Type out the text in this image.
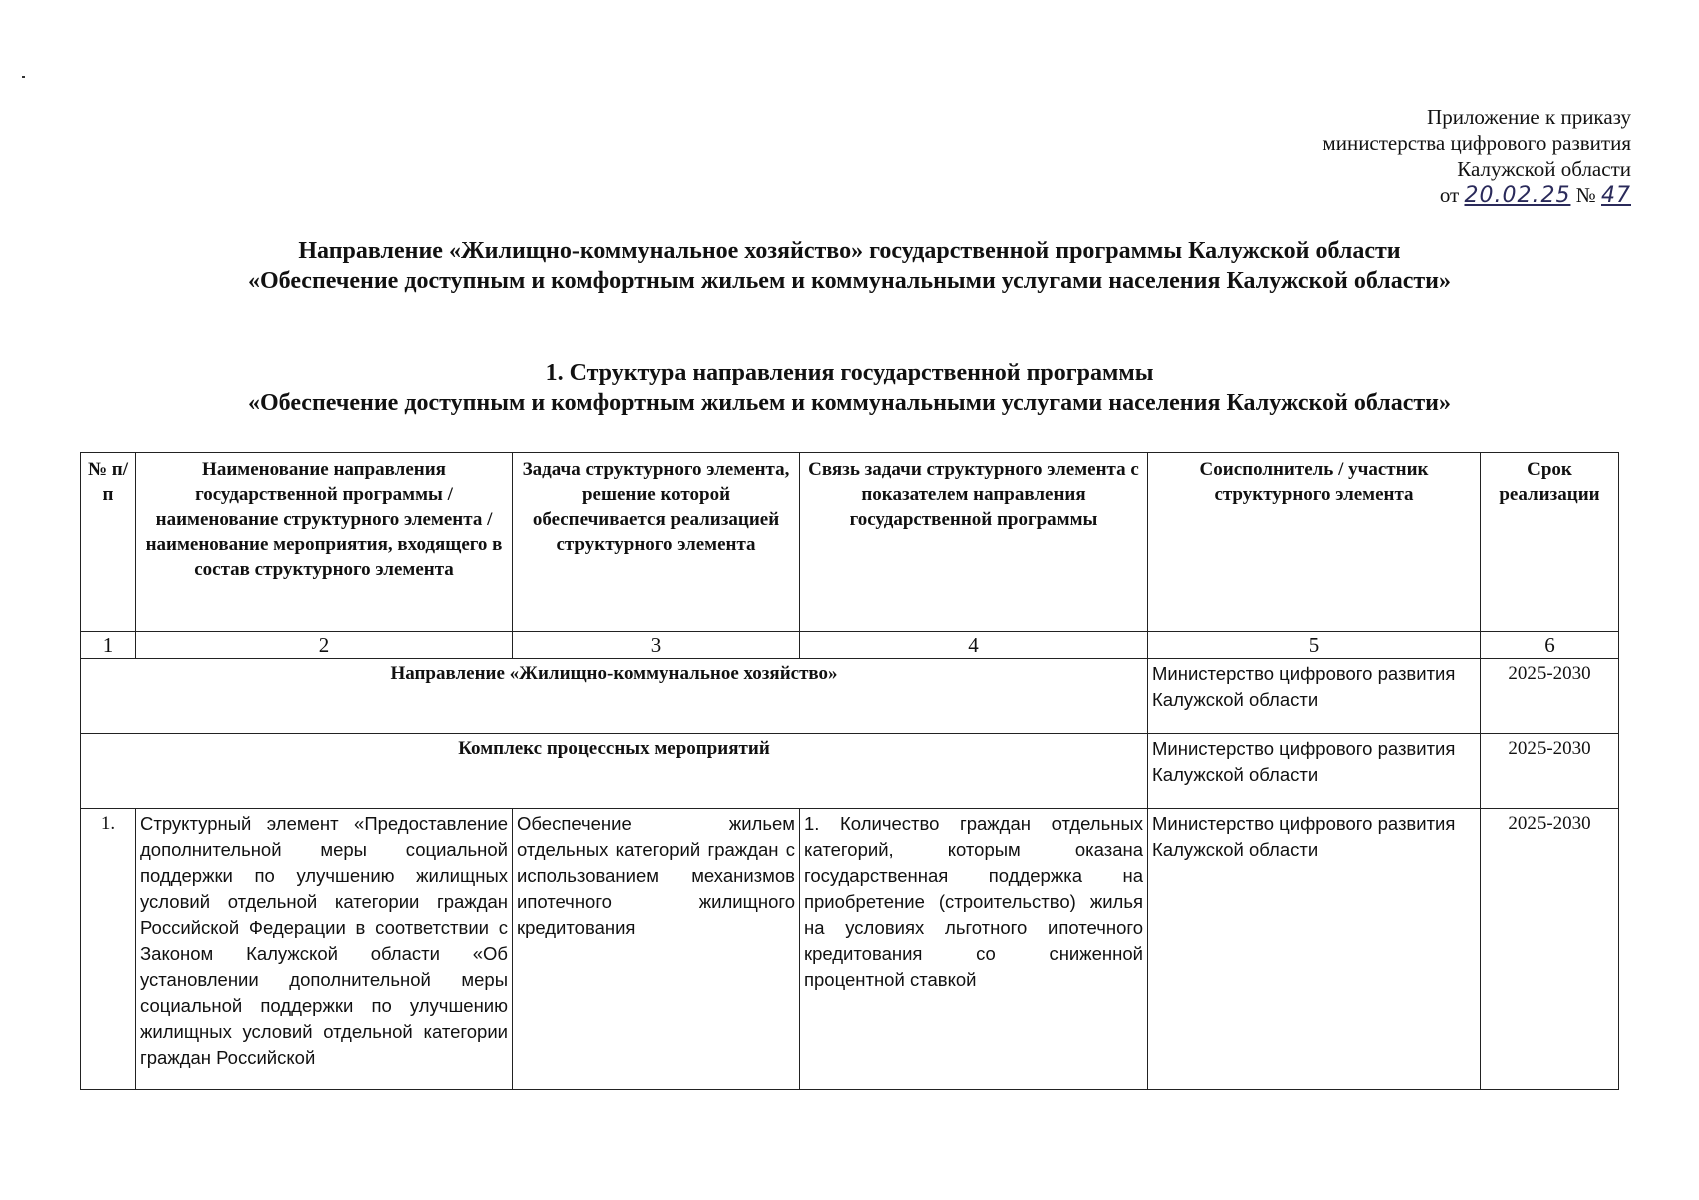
Приложение к приказу
министерства цифрового развития
Калужской области
от 20.02.25 № 47
Направление «Жилищно-коммунальное хозяйство» государственной программы Калужской области
«Обеспечение доступным и комфортным жильем и коммунальными услугами населения Калужской области»
1. Структура направления государственной программы
«Обеспечение доступным и комфортным жильем и коммунальными услугами населения Калужской области»
№ п/п	Наименование направления государственной программы / наименование структурного элемента / наименование мероприятия, входящего в состав структурного элемента	Задача структурного элемента, решение которой обеспечивается реализацией структурного элемента	Связь задачи структурного элемента с показателем направления государственной программы	Соисполнитель / участник структурного элемента	Срок реализации
1	2	3	4	5	6
Направление «Жилищно-коммунальное хозяйство»				Министерство цифрового развития Калужской области	2025-2030
Комплекс процессных мероприятий				Министерство цифрового развития Калужской области	2025-2030
1.	Структурный элемент «Предоставление дополнительной меры социальной поддержки по улучшению жилищных условий отдельной категории граждан Российской Федерации в соответствии с Законом Калужской области «Об установлении дополнительной меры социальной поддержки по улучшению жилищных условий отдельной категории граждан Российской	Обеспечение жильем отдельных категорий граждан с использованием механизмов ипотечного жилищного кредитования	1. Количество граждан отдельных категорий, которым оказана государственная поддержка на приобретение (строительство) жилья на условиях льготного ипотечного кредитования со сниженной процентной ставкой	Министерство цифрового развития Калужской области	2025-2030
